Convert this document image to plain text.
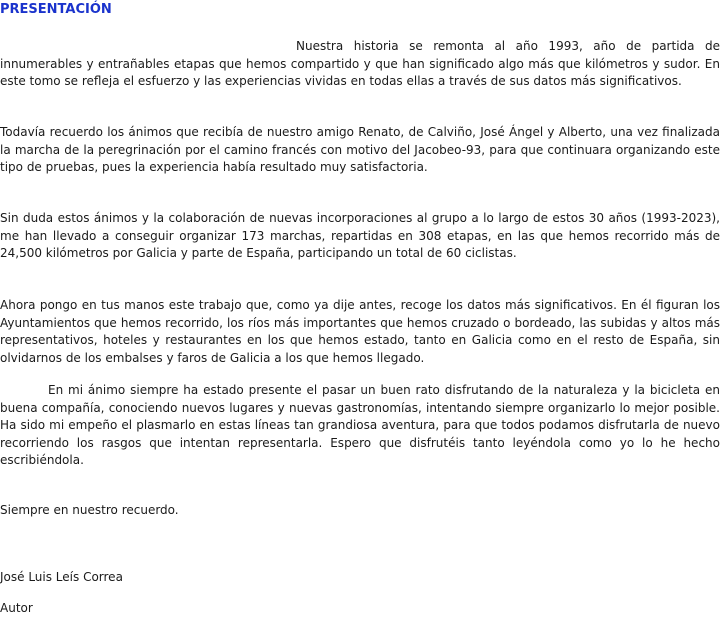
PRESENTACIÓN

Nuestra historia se remonta al año 1993, año de partida de innumerables y entrañables etapas que hemos compartido y que han significado algo más que kilómetros y sudor. En este tomo se refleja el esfuerzo y las experiencias vividas en todas ellas a través de sus datos más significativos.

Todavía recuerdo los ánimos que recibía de nuestro amigo Renato, de Calviño, José Ángel y Alberto, una vez finalizada la marcha de la peregrinación por el camino francés con motivo del Jacobeo-93, para que continuara organizando este tipo de pruebas, pues la experiencia había resultado muy satisfactoria.

Sin duda estos ánimos y la colaboración de nuevas incorporaciones al grupo a lo largo de estos 30 años (1993-2023), me han llevado a conseguir organizar 173 marchas, repartidas en 308 etapas, en las que hemos recorrido más de 24,500 kilómetros por Galicia y parte de España, participando un total de 60 ciclistas.

Ahora pongo en tus manos este trabajo que, como ya dije antes, recoge los datos más significativos. En él figuran los Ayuntamientos que hemos recorrido, los ríos más importantes que hemos cruzado o bordeado, las subidas y altos más representativos, hoteles y restaurantes en los que hemos estado, tanto en Galicia como en el resto de España, sin olvidarnos de los embalses y faros de Galicia a los que hemos llegado.

En mi ánimo siempre ha estado presente el pasar un buen rato disfrutando de la naturaleza y la bicicleta en buena compañía, conociendo nuevos lugares y nuevas gastronomías, intentando siempre organizarlo lo mejor posible. Ha sido mi empeño el plasmarlo en estas líneas tan grandiosa aventura, para que todos podamos disfrutarla de nuevo recorriendo los rasgos que intentan representarla. Espero que disfrutéis tanto leyéndola como yo lo he hecho escribiéndola.

Siempre en nuestro recuerdo.

José Luis Leís Correa

Autor
